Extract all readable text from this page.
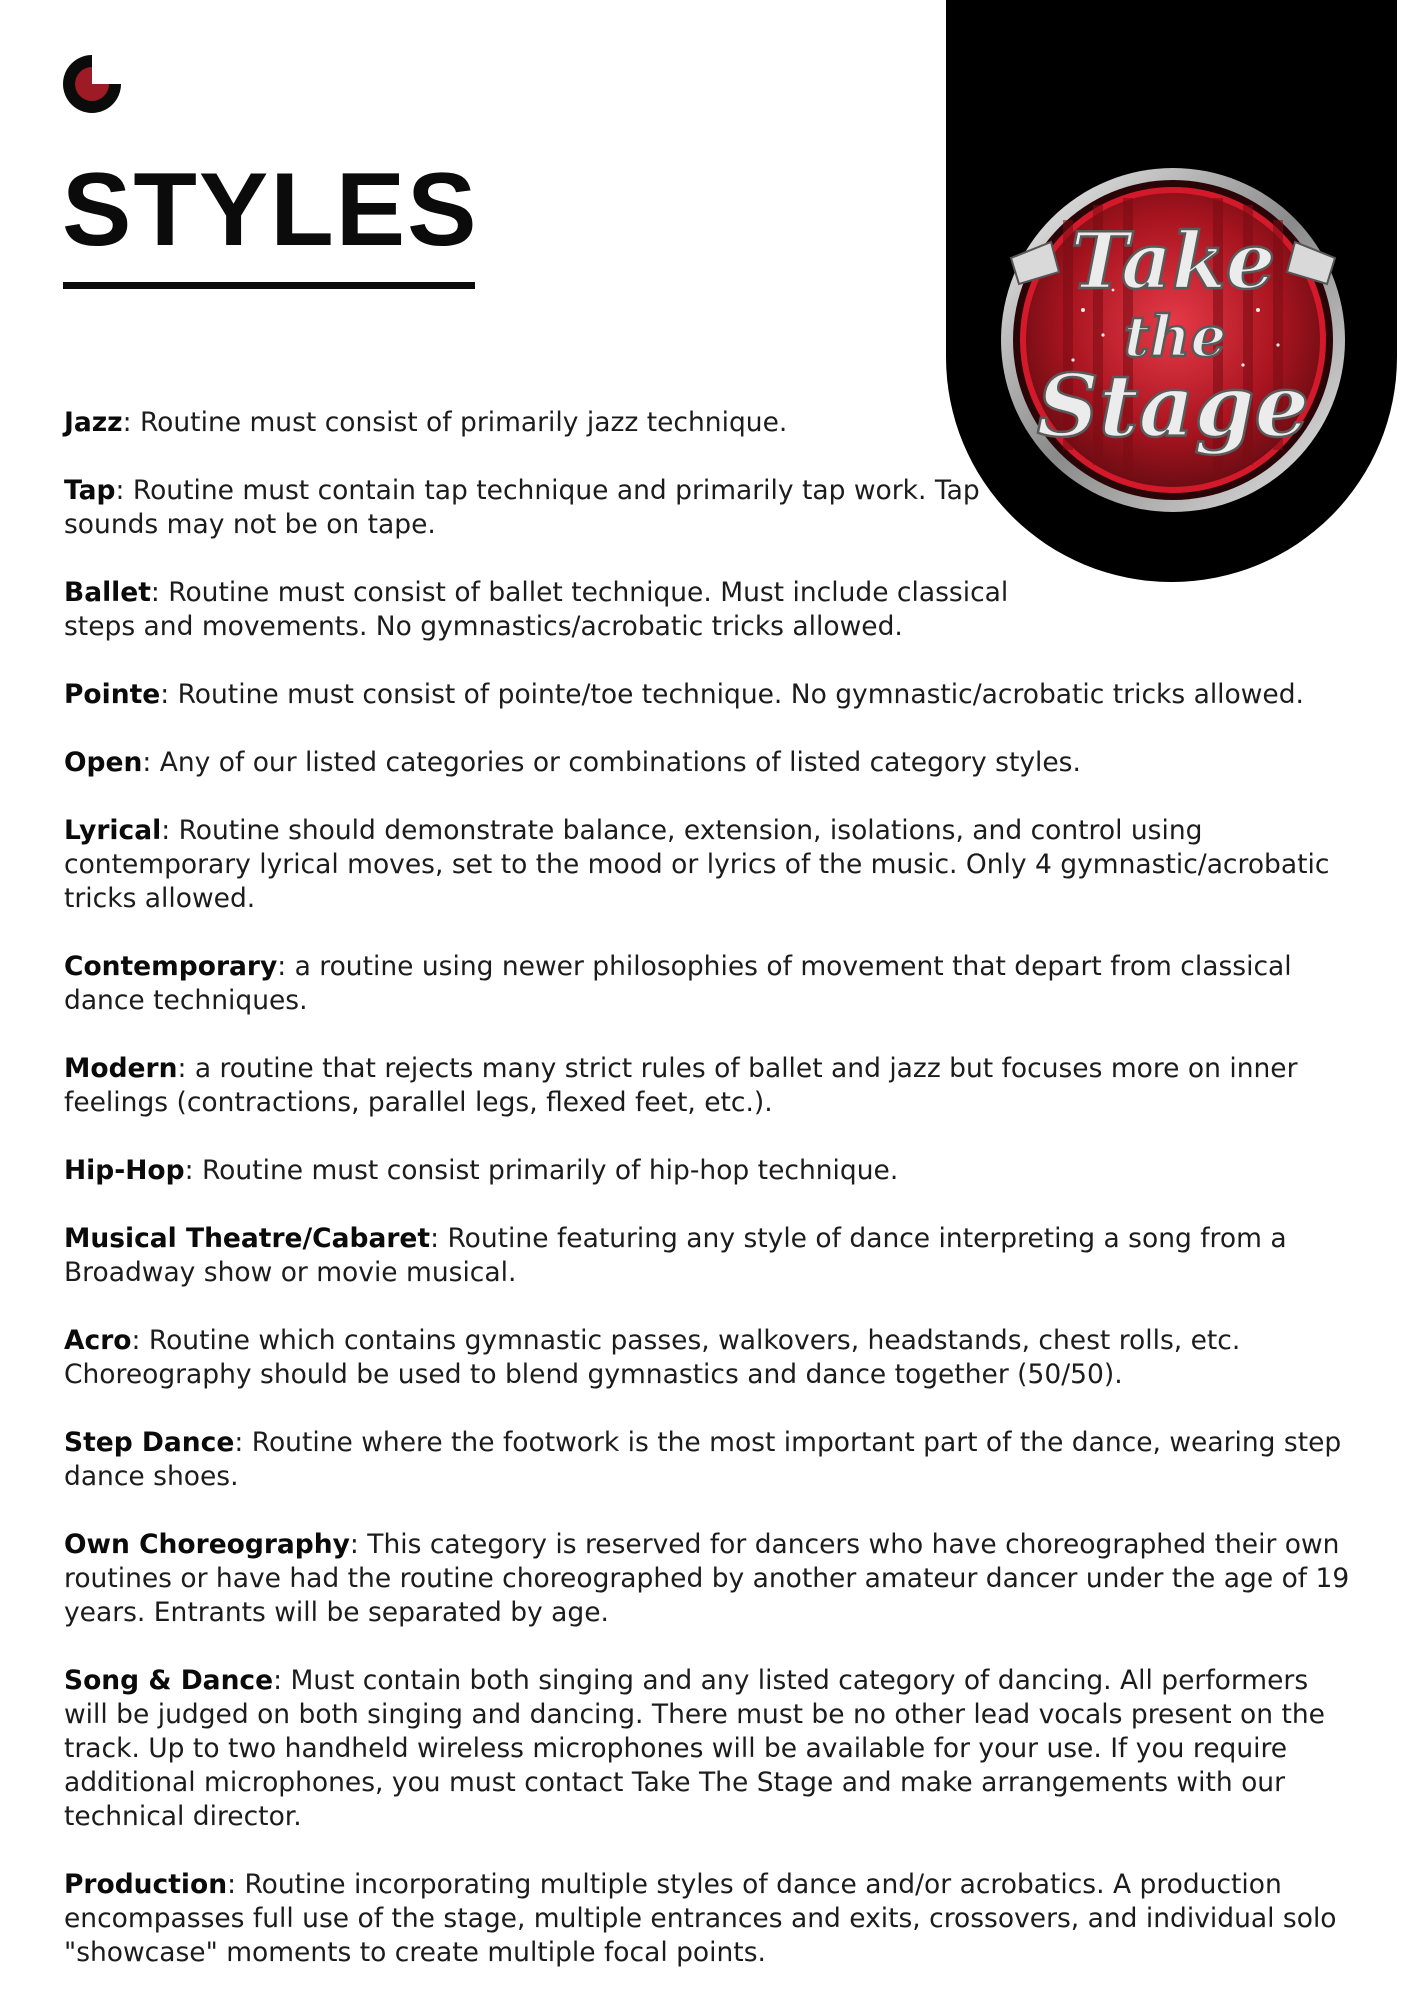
STYLES	Take
the
Stage
Jazz: Routine must consist of primarily jazz technique.
Tap: Routine must contain tap technique and primarily tap work. Tap sounds may not be on tape.
Ballet: Routine must consist of ballet technique. Must include classical steps and movements. No gymnastics/acrobatic tricks allowed.
Pointe: Routine must consist of pointe/toe technique. No gymnastic/acrobatic tricks allowed.
Open: Any of our listed categories or combinations of listed category styles.
Lyrical: Routine should demonstrate balance, extension, isolations, and control using contemporary lyrical moves, set to the mood or lyrics of the music. Only 4 gymnastic/acrobatic tricks allowed.
Contemporary: a routine using newer philosophies of movement that depart from classical dance techniques.
Modern: a routine that rejects many strict rules of ballet and jazz but focuses more on inner feelings (contractions, parallel legs, flexed feet, etc.).
Hip-Hop: Routine must consist primarily of hip-hop technique.
Musical Theatre/Cabaret: Routine featuring any style of dance interpreting a song from a Broadway show or movie musical.
Acro: Routine which contains gymnastic passes, walkovers, headstands, chest rolls, etc. Choreography should be used to blend gymnastics and dance together (50/50).
Step Dance: Routine where the footwork is the most important part of the dance, wearing step dance shoes.
Own Choreography: This category is reserved for dancers who have choreographed their own routines or have had the routine choreographed by another amateur dancer under the age of 19 years. Entrants will be separated by age.
Song & Dance: Must contain both singing and any listed category of dancing. All performers will be judged on both singing and dancing. There must be no other lead vocals present on the track. Up to two handheld wireless microphones will be available for your use. If you require additional microphones, you must contact Take The Stage and make arrangements with our technical director.
Production: Routine incorporating multiple styles of dance and/or acrobatics. A production encompasses full use of the stage, multiple entrances and exits, crossovers, and individual solo "showcase" moments to create multiple focal points.
